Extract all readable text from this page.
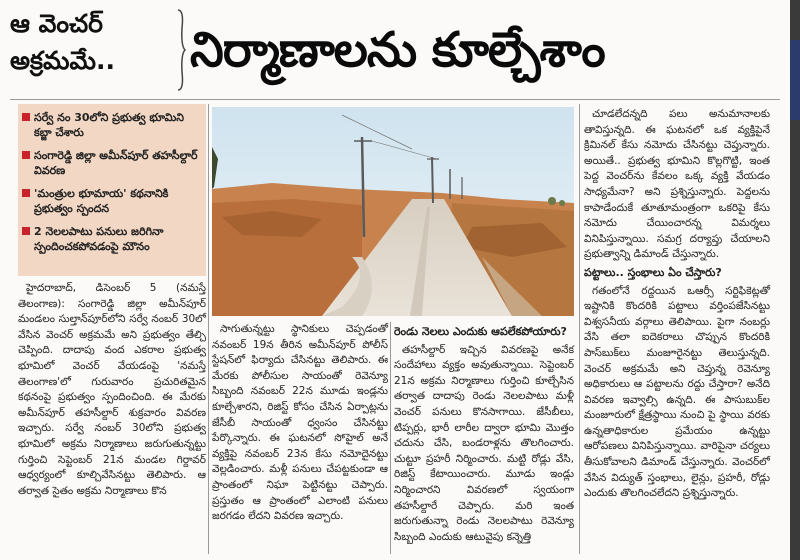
ఆ వెంచర్‌
అక్రమమే..	నిర్మాణాలను కూల్చేశాం
సర్వే నం 30లోని ప్రభుత్వ భూమిని కబ్జా చేశారు
సంగారెడ్డి జిల్లా అమీన్‌పూర్‌ తహసీల్దార్‌ వివరణ
'మంత్రుల భూమాయ' కథనానికి ప్రభుత్వం స్పందన
2 నెలలపాటు పనులు జరిగినా స్పందించకపోవడంపై మౌనం

హైదరాబాద్‌, డిసెంబర్‌ 5 (నమస్తే తెలంగాణ): సంగారెడ్డి జిల్లా అమీన్‌పూర్‌ మండలం సుల్తాన్‌పూర్‌లోని సర్వే నంబర్‌ 30లో వేసిన వెంచర్‌ అక్రమమే అని ప్రభుత్వం తేల్చి చెప్పింది. దాదాపు వంద ఎకరాల ప్రభుత్వ భూమిలో వెంచర్‌ వేయడంపై 'నమస్తే తెలంగాణ'లో గురువారం ప్రచురితమైన కథనంపై ప్రభుత్వం స్పందించింది. ఈ మేరకు అమీన్‌పూర్‌ తహసీల్దార్‌ శుక్రవారం వివరణ ఇచ్చారు. సర్వే నంబర్‌ 30లోని ప్రభుత్వ భూమిలో అక్రమ నిర్మాణాలు జరుగుతున్నట్టు గుర్తించి సెప్టెంబర్‌ 21న మండల గిర్దావర్‌ ఆధ్వర్యంలో కూల్చివేసినట్టు తెలిపారు. ఆ తర్వాత సైతం అక్రమ నిర్మాణాలు కొన

సాగుతున్నట్టు స్థానికులు చెప్పడంతో నవంబర్‌ 19న తీరిన అమీన్‌పూర్‌ పోలీస్‌ స్టేషన్‌లో ఫిర్యాదు చేసినట్టు తెలిపారు. ఈ మేరకు పోలీసుల సాయంతో రెవెన్యూ సిబ్బంది నవంబర్‌ 22న మూడు ఇండ్లను కూల్చేశారని, రిజిస్ట్‌ కోసం చేసిన ఏర్పాట్లను జేసీబీ సాయంతో ధ్వంసం చేసినట్టు పేర్కొన్నారు. ఈ ఘటనలో సోహైల్‌ అనే వ్యక్తిపై నవంబర్‌ 23న కేసు నమోదైనట్టు వెల్లడించారు. మళ్లీ పనులు చేపట్టకుండా ఆ ప్రాంతంలో నిఘా పెట్టినట్టు చెప్పారు. ప్రస్తుతం ఆ ప్రాంతంలో ఎలాంటి పనులు జరగడం లేదని వివరణ ఇచ్చారు.

రెండు నెలలు ఎందుకు ఆపలేకపోయారు?

తహసీల్దార్‌ ఇచ్చిన వివరణపై అనేక సందేహాలు వ్యక్తం అవుతున్నాయి. సెప్టెంబర్‌ 21న అక్రమ నిర్మాణాలు గుర్తించి కూల్చేసిన తర్వాత దాదాపు రెండు నెలలపాటు మళ్లీ వెంచర్‌ పనులు కొనసాగాయి. జేసీబీలు, టిప్పర్లు, భారీ లారీల ద్వారా భూమి మొత్తం చదును చేసి, బండరాళ్లను తొలగించారు. చుట్టూ ప్రహరీ నిర్మించారు. మట్టి రోడ్లు వేసి, రిజిస్ట్‌ కేటాయించారు. మూడు ఇండ్లు నిర్మించారని వివరణలో స్వయంగా తహసీల్దారే చెప్పారు. మరి ఇంత జరుగుతున్నా రెండు నెలలపాటు రెవెన్యూ సిబ్బంది ఎందుకు ఆటువైపు కన్నెత్తి

చూడలేదన్నది పలు అనుమానాలకు తావిస్తున్నది. ఈ ఘటనలో ఒక వ్యక్తిపైనే క్రిమినల్‌ కేసు నమోదు చేసినట్టు చెప్తున్నారు. అయితే.. ప్రభుత్వ భూమిని కొల్లగొట్టి, ఇంత పెద్ద వెంచర్‌ను కేవలం ఒక్క వ్యక్తి వేయడం సాధ్యమేనా? అని ప్రశ్నిస్తున్నారు. పెద్దలను కాపాడేందుకే తూతూమంత్రంగా ఒకరిపై కేసు నమోదు చేయించారన్న విమర్శలు వినిపిస్తున్నాయి. సమగ్ర దర్యాప్తు చేయాలని ప్రభుత్వాన్ని డిమాండ్‌ చేస్తున్నారు.

పట్టాలు.. స్తంభాలు ఏం చేస్తారు?

గతంలోనే రద్దయిన ఒఆర్సీ సర్టిఫికెట్లతో ఇష్టానికి కొందరికి పట్టాలు వర్తింపజేసినట్టు విశ్వసనీయ వర్గాలు తెలిపాయి. పైగా నంబర్లు వేసి తలా ఐదెకరాలు చొప్పున కొందరికి పాస్‌బుక్‌లు మంజూరైనట్టు తెలుస్తున్నది. వెంచర్‌ అక్రమమే అని చెప్తున్న రెవెన్యూ అధికారులు ఆ పట్టాలను రద్దు చేస్తారా? అనేది వివరణ ఇవ్వాల్సి ఉన్నది. ఈ పాసుబుక్‌ల మంజూరులో క్షేత్రస్థాయి నుంచి పై స్థాయి వరకు ఉన్నతాధికారుల ప్రమేయం ఉన్నట్టు ఆరోపణలు వినిపిస్తున్నాయి. వారిపైనా చర్యలు తీసుకోవాలని డిమాండ్‌ చేస్తున్నారు. వెంచర్‌లో వేసిన విద్యుత్‌ స్తంభాలు, లైన్లు, ప్రహరీ, రోడ్లు ఎందుకు తొలగించలేదని ప్రశ్నిస్తున్నారు.
